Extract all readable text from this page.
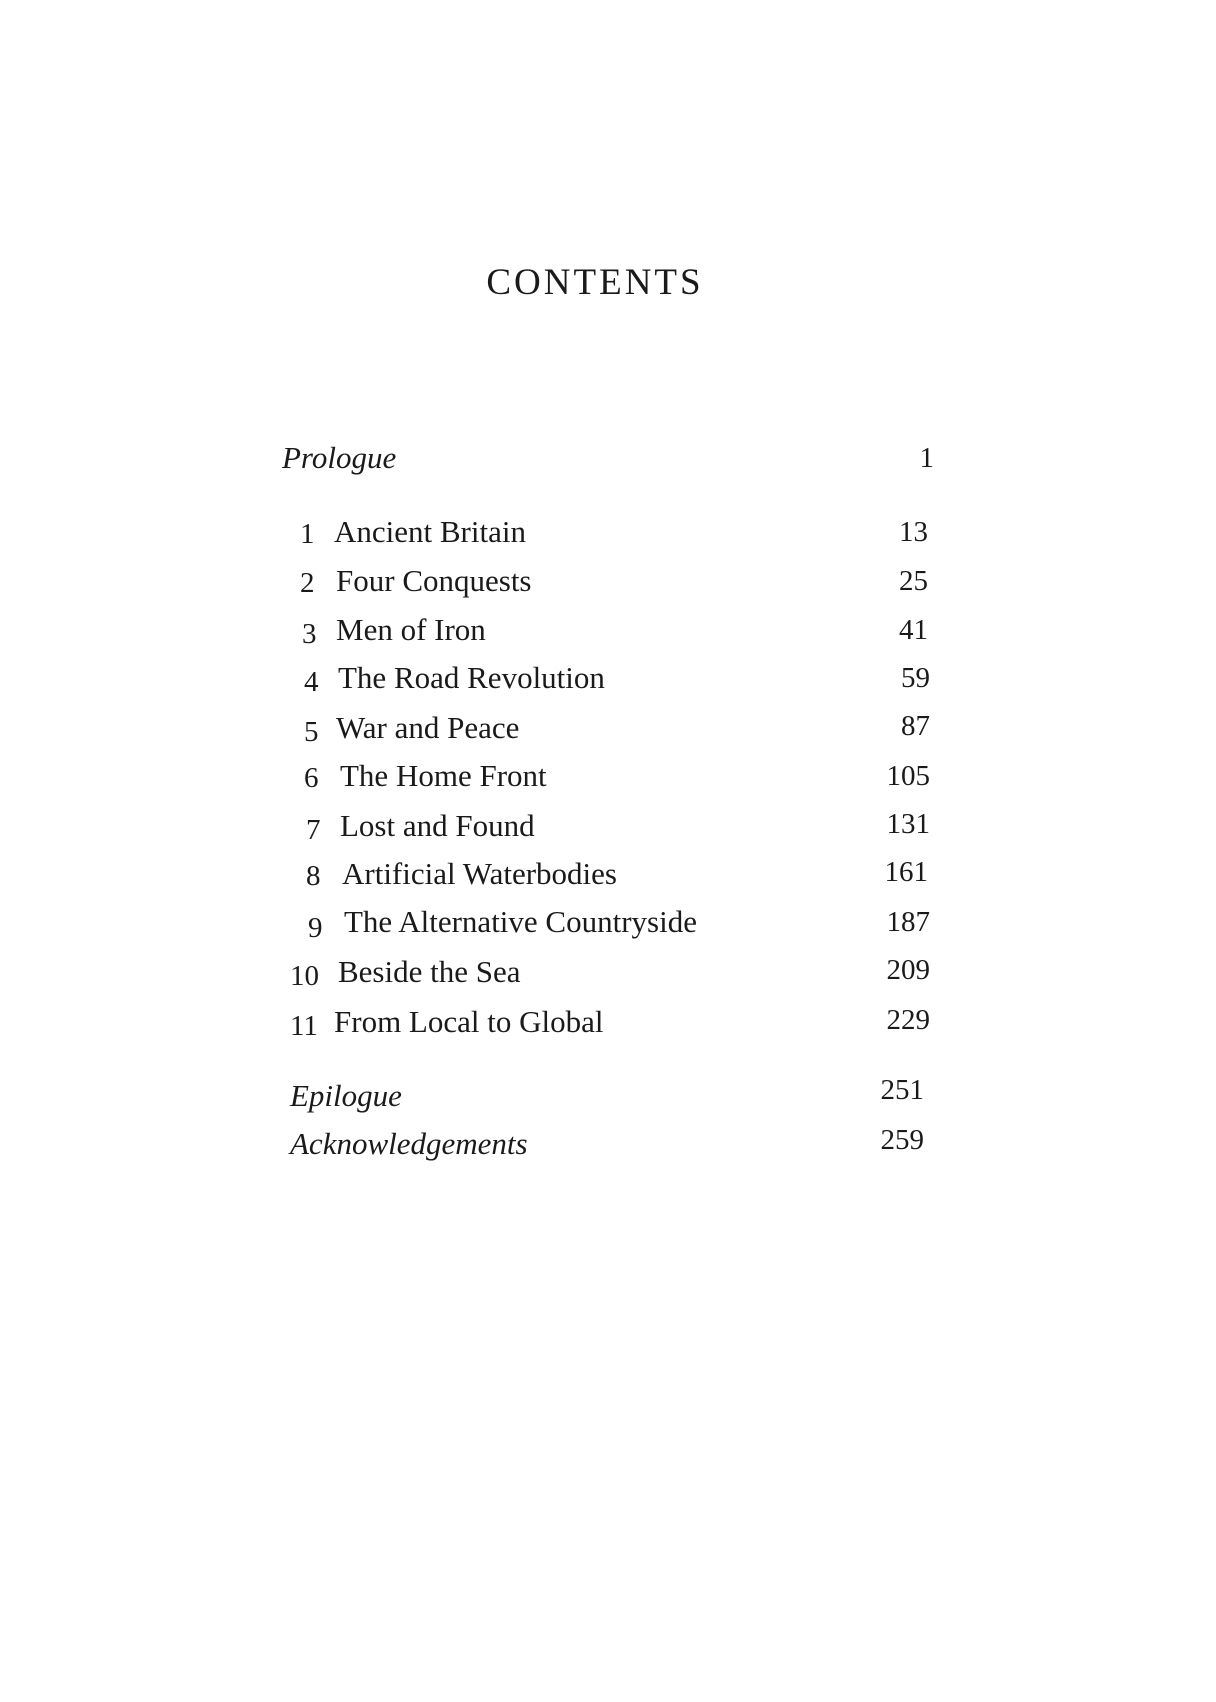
CONTENTS
Prologue	1
1 Ancient Britain	13
2 Four Conquests	25
3 Men of Iron	41
4 The Road Revolution	59
5 War and Peace	87
6 The Home Front	105
7 Lost and Found	131
8 Artificial Waterbodies	161
9 The Alternative Countryside	187
10 Beside the Sea	209
11 From Local to Global	229
Epilogue	251
Acknowledgements	259
